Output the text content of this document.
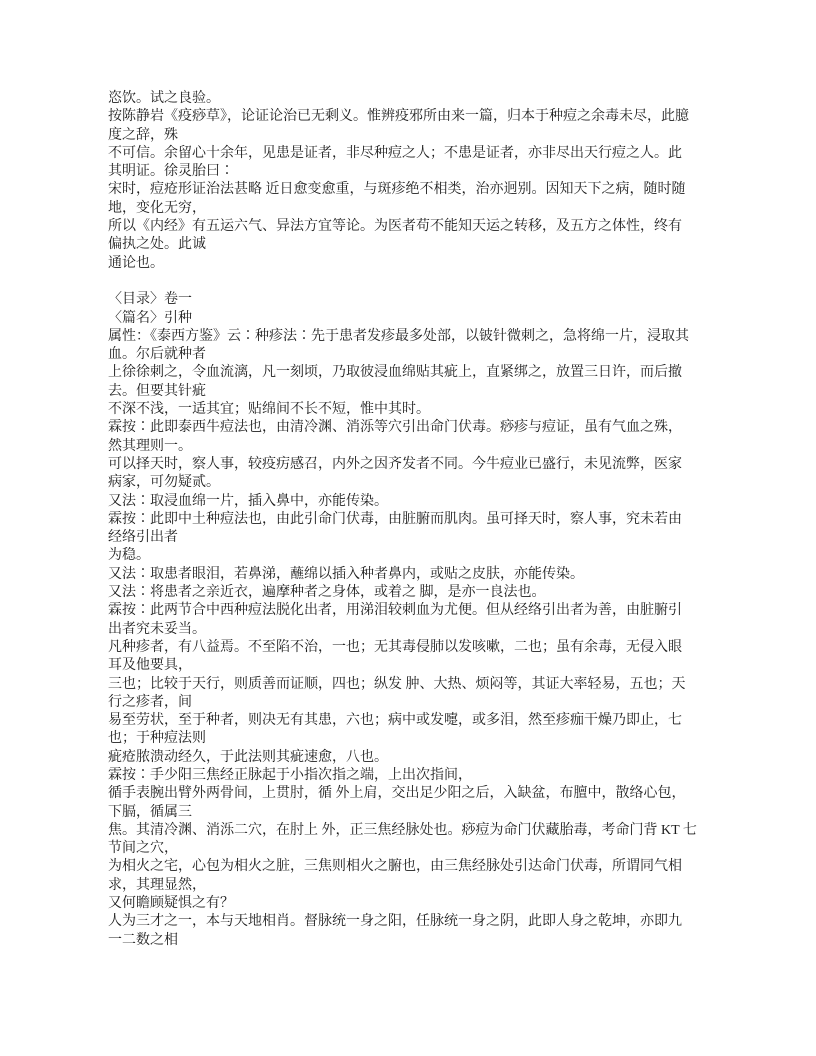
恣饮。试之良验。
按陈静岩《疫痧草》，论证论治已无剩义。惟辨疫邪所由来一篇，归本于种痘之余毒未尽，此臆
度之辞，殊
不可信。余留心十余年，见患是证者，非尽种痘之人；不患是证者，亦非尽出天行痘之人。此
其明证。徐灵胎曰∶
宋时，痘疮形证治法甚略 近日愈变愈重，与斑疹绝不相类，治亦迥别。因知天下之病，随时随
地，变化无穷，
所以《内经》有五运六气、异法方宜等论。为医者苟不能知天运之转移，及五方之体性，终有
偏执之处。此诚
通论也。

〈目录〉卷一
〈篇名〉引种
属性：《泰西方鉴》云∶种疹法∶先于患者发疹最多处部，以铍针微刺之，急将绵一片，浸取其
血。尔后就种者
上徐徐刺之，令血流漓，凡一刻顷，乃取彼浸血绵贴其疵上，直紧绑之，放置三日许，而后撤
去。但要其针疵
不深不浅，一适其宜；贴绵间不长不短，惟中其时。
霖按∶此即泰西牛痘法也，由清冷渊、消泺等穴引出命门伏毒。痧疹与痘证，虽有气血之殊，
然其理则一。
可以择天时，察人事，较疫疠感召，内外之因齐发者不同。今牛痘业已盛行，未见流弊，医家
病家，可勿疑贰。
又法∶取浸血绵一片，插入鼻中，亦能传染。
霖按∶此即中土种痘法也，由此引命门伏毒，由脏腑而肌肉。虽可择天时，察人事，究未若由
经络引出者
为稳。
又法∶取患者眼泪，若鼻涕，蘸绵以插入种者鼻内，或贴之皮肤，亦能传染。
又法∶将患者之亲近衣，遍摩种者之身体，或着之 脚，是亦一良法也。
霖按∶此两节合中西种痘法脱化出者，用涕泪较刺血为尤便。但从经络引出者为善，由脏腑引
出者究未妥当。
凡种疹者，有八益焉。不至陷不治，一也；无其毒侵肺以发咳嗽，二也；虽有余毒，无侵入眼
耳及他要具，
三也；比较于天行，则质善而证顺，四也；纵发 肿、大热、烦闷等，其证大率轻易，五也；天
行之疹者，间
易至劳状，至于种者，则决无有其患，六也；病中或发嚏，或多泪，然至疹痂干燥乃即止，七
也；于种痘法则
疵疮脓溃动经久，于此法则其疵速愈，八也。
霖按∶手少阳三焦经正脉起于小指次指之端，上出次指间，
循手表腕出臂外两骨间，上贯肘，循 外上肩，交出足少阳之后，入缺盆，布膻中，散络心包，
下膈，循属三
焦。其清冷渊、消泺二穴，在肘上 外，正三焦经脉处也。痧痘为命门伏藏胎毒，考命门背 KT 七
节间之穴，
为相火之宅，心包为相火之脏，三焦则相火之腑也，由三焦经脉处引达命门伏毒，所谓同气相
求，其理显然，
又何瞻顾疑惧之有？
人为三才之一，本与天地相肖。督脉统一身之阳，任脉统一身之阴，此即人身之乾坤，亦即九
一二数之相
